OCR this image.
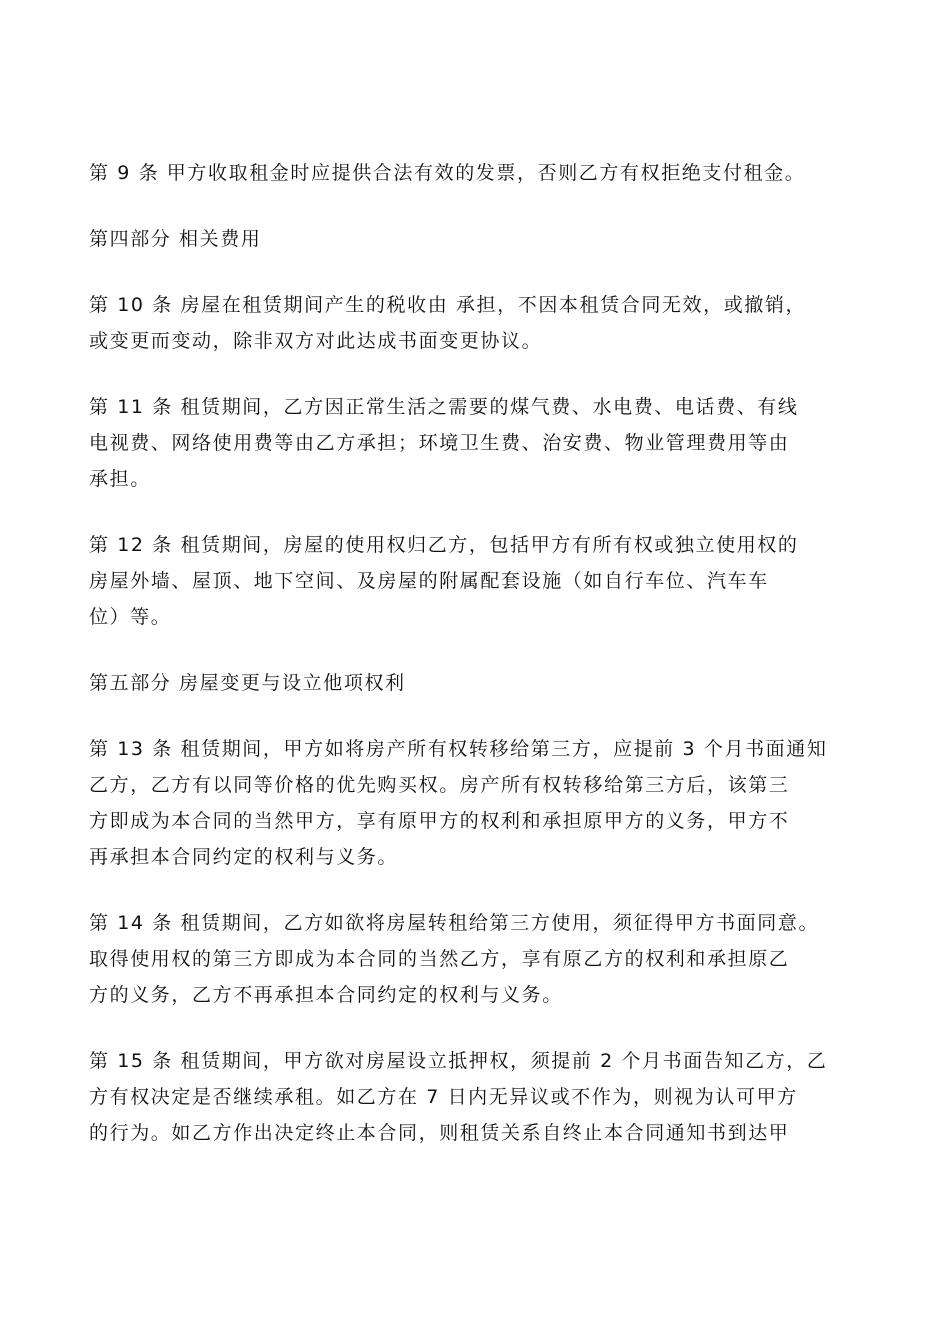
第 9 条 甲方收取租金时应提供合法有效的发票，否则乙方有权拒绝支付租金。

第四部分 相关费用

第 10 条 房屋在租赁期间产生的税收由 承担，不因本租赁合同无效，或撤销，
或变更而变动，除非双方对此达成书面变更协议。

第 11 条 租赁期间，乙方因正常生活之需要的煤气费、水电费、电话费、有线
电视费、网络使用费等由乙方承担；环境卫生费、治安费、物业管理费用等由
承担。

第 12 条 租赁期间，房屋的使用权归乙方，包括甲方有所有权或独立使用权的
房屋外墙、屋顶、地下空间、及房屋的附属配套设施（如自行车位、汽车车
位）等。

第五部分 房屋变更与设立他项权利

第 13 条 租赁期间，甲方如将房产所有权转移给第三方，应提前 3 个月书面通知
乙方，乙方有以同等价格的优先购买权。房产所有权转移给第三方后，该第三
方即成为本合同的当然甲方，享有原甲方的权利和承担原甲方的义务，甲方不
再承担本合同约定的权利与义务。

第 14 条 租赁期间，乙方如欲将房屋转租给第三方使用，须征得甲方书面同意。
取得使用权的第三方即成为本合同的当然乙方，享有原乙方的权利和承担原乙
方的义务，乙方不再承担本合同约定的权利与义务。

第 15 条 租赁期间，甲方欲对房屋设立抵押权，须提前 2 个月书面告知乙方，乙
方有权决定是否继续承租。如乙方在 7 日内无异议或不作为，则视为认可甲方
的行为。如乙方作出决定终止本合同，则租赁关系自终止本合同通知书到达甲
